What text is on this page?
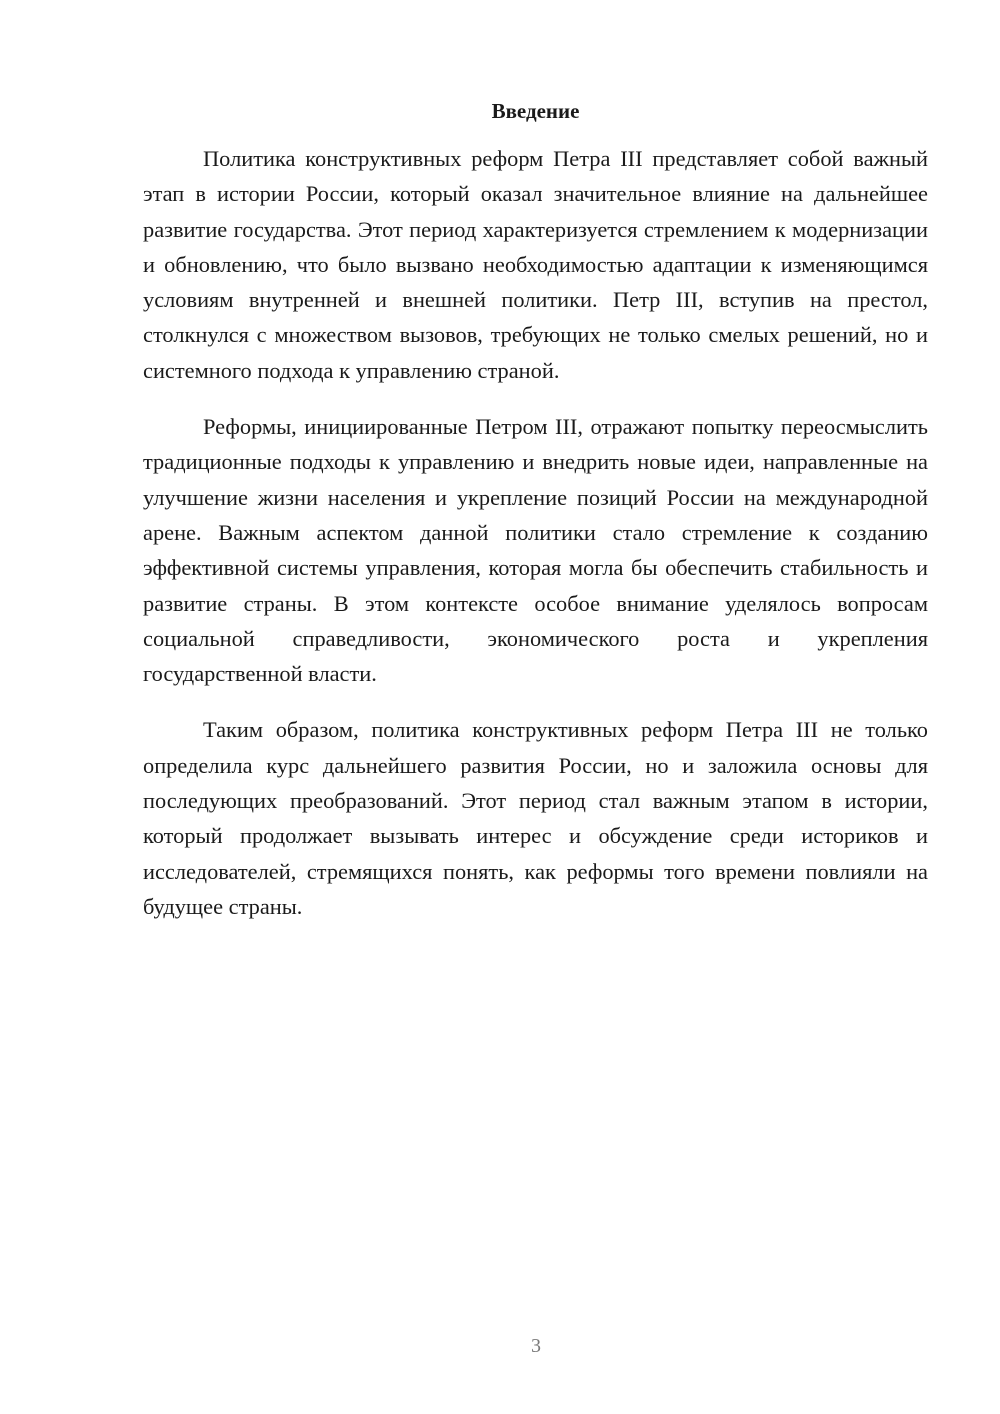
Введение

Политика конструктивных реформ Петра III представляет собой важный этап в истории России, который оказал значительное влияние на дальнейшее развитие государства. Этот период характеризуется стремлением к модернизации и обновлению, что было вызвано необходимостью адаптации к изменяющимся условиям внутренней и внешней политики. Петр III, вступив на престол, столкнулся с множеством вызовов, требующих не только смелых решений, но и системного подхода к управлению страной.

Реформы, инициированные Петром III, отражают попытку переосмыслить традиционные подходы к управлению и внедрить новые идеи, направленные на улучшение жизни населения и укрепление позиций России на международной арене. Важным аспектом данной политики стало стремление к созданию эффективной системы управления, которая могла бы обеспечить стабильность и развитие страны. В этом контексте особое внимание уделялось вопросам социальной справедливости, экономического роста и укрепления государственной власти.

Таким образом, политика конструктивных реформ Петра III не только определила курс дальнейшего развития России, но и заложила основы для последующих преобразований. Этот период стал важным этапом в истории, который продолжает вызывать интерес и обсуждение среди историков и исследователей, стремящихся понять, как реформы того времени повлияли на будущее страны.

3
